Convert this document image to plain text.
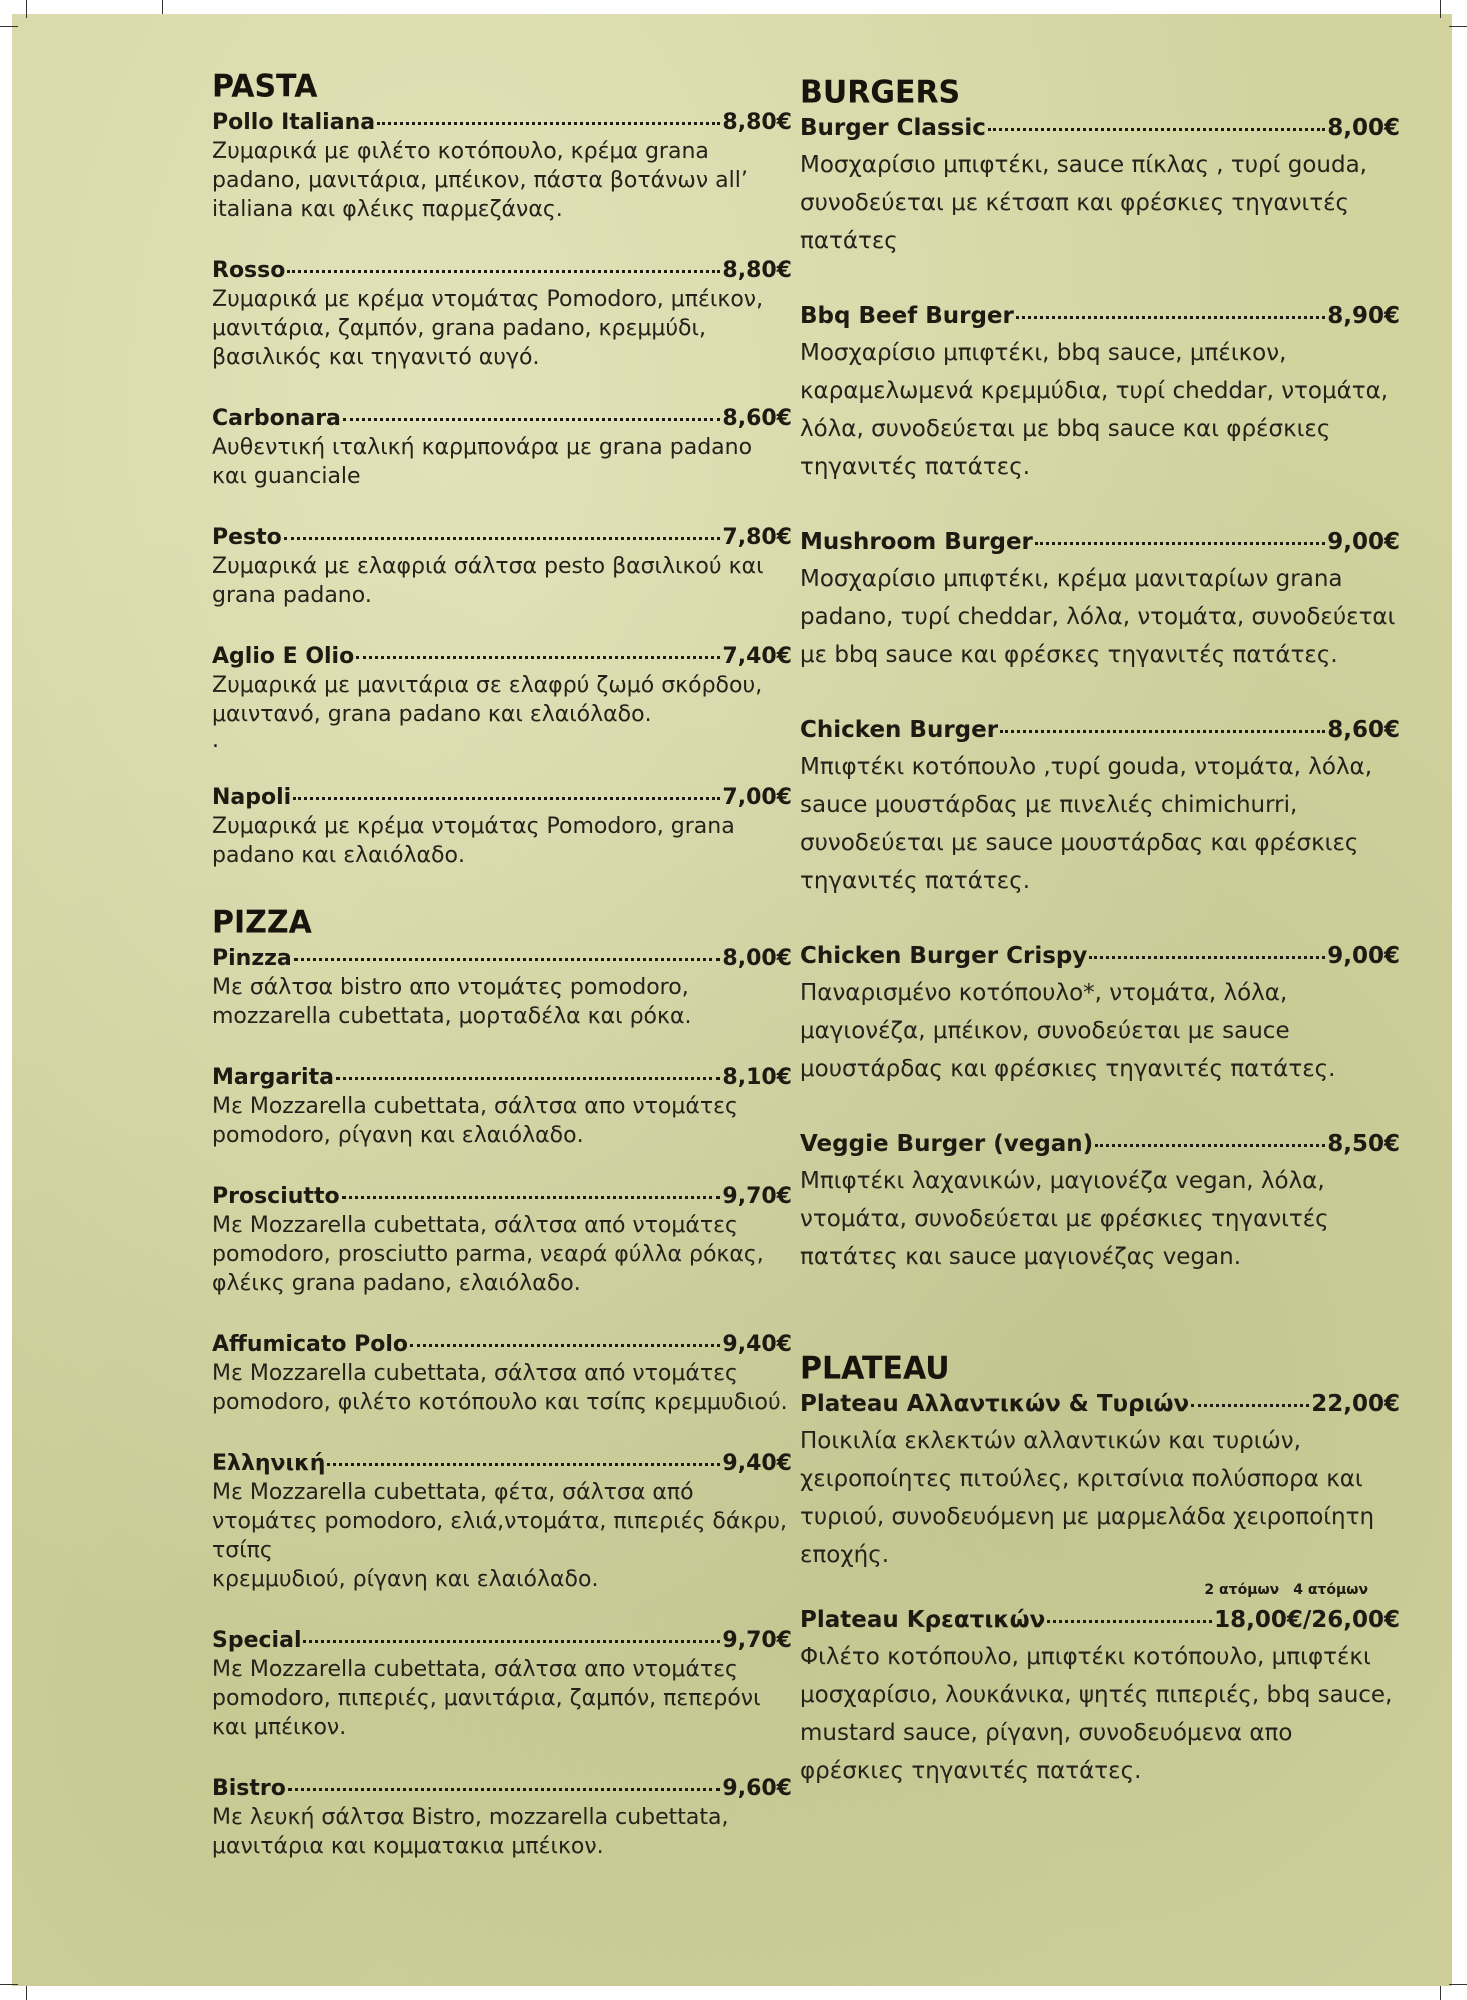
PASTA
Pollo Italiana	8,80€

Ζυμαρικά με φιλέτο κοτόπουλο, κρέμα grana padano, μανιτάρια, μπέικον, πάστα βοτάνων all’ italiana και φλέικς παρμεζάνας.

Rosso	8,80€

Ζυμαρικά με κρέμα ντομάτας Pomodoro, μπέικον, μανιτάρια, ζαμπόν, grana padano, κρεμμύδι, βασιλικός και τηγανιτό αυγό.

Carbonara	8,60€

Αυθεντική ιταλική καρμπονάρα με grana padano και guanciale

Pesto	7,80€

Ζυμαρικά με ελαφριά σάλτσα pesto βασιλικού και grana padano.

Aglio E Olio	7,40€

Ζυμαρικά με μανιτάρια σε ελαφρύ ζωμό σκόρδου, μαιντανό, grana padano και ελαιόλαδο.

.

Napoli	7,00€

Ζυμαρικά με κρέμα ντομάτας Pomodoro, grana padano και ελαιόλαδο.

PIZZA
Pinzza	8,00€

Με σάλτσα bistro απο ντομάτες pomodoro, mozzarella cubettata, μορταδέλα και ρόκα.

Margarita	8,10€

Με Mozzarella cubettata, σάλτσα απο ντομάτες pomodoro, ρίγανη και ελαιόλαδο.

Prosciutto	9,70€

Με Mozzarella cubettata, σάλτσα από ντομάτες pomodoro, prosciutto parma, νεαρά φύλλα ρόκας, φλέικς grana padano, ελαιόλαδο.

Affumicato Polo	9,40€

Με Mozzarella cubettata, σάλτσα από ντομάτες pomodoro, φιλέτο κοτόπουλο και τσίπς κρεμμυδιού.

Ελληνική	9,40€

Με Mozzarella cubettata, φέτα, σάλτσα από ντομάτες pomodoro, ελιά,ντομάτα, πιπεριές δάκρυ, τσίπς

κρεμμυδιού, ρίγανη και ελαιόλαδο.

Special	9,70€

Με Mozzarella cubettata, σάλτσα απο ντομάτες pomodoro, πιπεριές, μανιτάρια, ζαμπόν, πεπερόνι και μπέικον.

Bistro	9,60€

Με λευκή σάλτσα Bistro, mozzarella cubettata, μανιτάρια και κομματακια μπέικον.

BURGERS
Burger Classic	8,00€

Μοσχαρίσιο μπιφτέκι, sauce πίκλας , τυρί gouda, συνοδεύεται με κέτσαπ και φρέσκιες τηγανιτές πατάτες

Bbq Beef Burger	8,90€

Μοσχαρίσιο μπιφτέκι, bbq sauce, μπέικον, καραμελωμενά κρεμμύδια, τυρί cheddar, ντομάτα, λόλα, συνοδεύεται με bbq sauce και φρέσκιες τηγανιτές πατάτες.

Mushroom Burger	9,00€

Μοσχαρίσιο μπιφτέκι, κρέμα μανιταρίων grana padano, τυρί cheddar, λόλα, ντομάτα, συνοδεύεται με bbq sauce και φρέσκες τηγανιτές πατάτες.

Chicken Burger	8,60€

Μπιφτέκι κοτόπουλο ,τυρί gouda, ντομάτα, λόλα, sauce μουστάρδας με πινελιές chimichurri, συνοδεύεται με sauce μουστάρδας και φρέσκιες τηγανιτές πατάτες.

Chicken Burger Crispy	9,00€

Παναρισμένο κοτόπουλο*, ντομάτα, λόλα, μαγιονέζα, μπέικον, συνοδεύεται με sauce μουστάρδας και φρέσκιες τηγανιτές πατάτες.

Veggie Burger (vegan)	8,50€

Μπιφτέκι λαχανικών, μαγιονέζα vegan, λόλα, ντομάτα, συνοδεύεται με φρέσκιες τηγανιτές πατάτες και sauce μαγιονέζας vegan.

PLATEAU
Plateau Αλλαντικών & Τυριών	22,00€

Ποικιλία εκλεκτών αλλαντικών και τυριών, χειροποίητες πιτούλες, κριτσίνια πολύσπορα και τυριού, συνοδευόμενη με μαρμελάδα χειροποίητη εποχής.

2 ατόμων 4 ατόμων
Plateau Κρεατικών	18,00€/26,00€

Φιλέτο κοτόπουλο, μπιφτέκι κοτόπουλο, μπιφτέκι μοσχαρίσιο, λουκάνικα, ψητές πιπεριές, bbq sauce, mustard sauce, ρίγανη, συνοδευόμενα απο φρέσκιες τηγανιτές πατάτες.
